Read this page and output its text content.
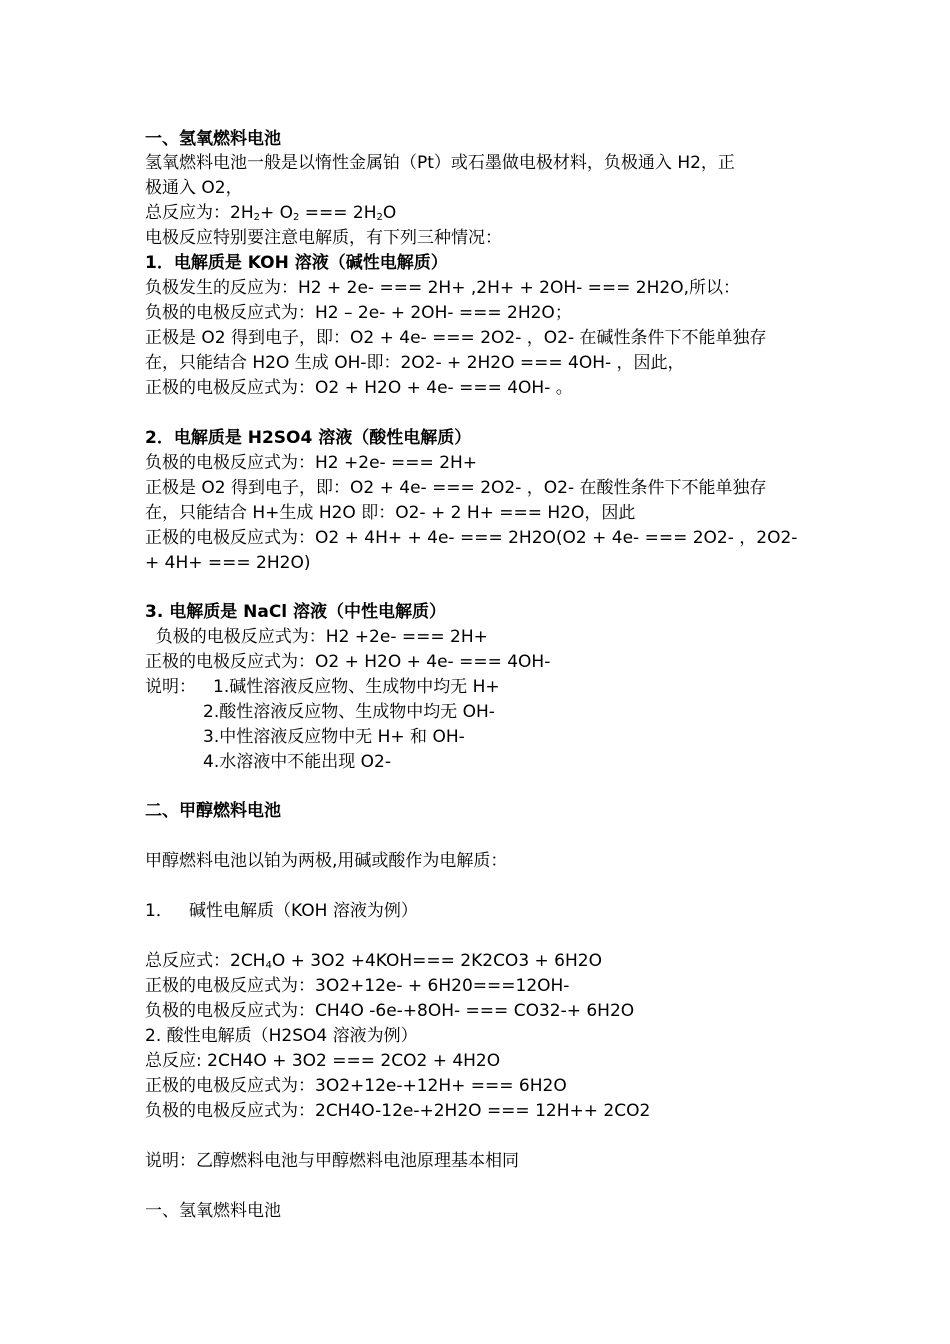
一、氢氧燃料电池
氢氧燃料电池一般是以惰性金属铂（Pt）或石墨做电极材料，负极通入 H2，正
极通入 O2，
总反应为：$2H_2+ O_2$ === $2H_2O$
电极反应特别要注意电解质，有下列三种情况：
1．电解质是 KOH 溶液（碱性电解质）
负极发生的反应为：H2 + 2e- === 2H+ ,2H+ + 2OH- === 2H2O,所以：
负极的电极反应式为：H2 – 2e- + 2OH- === 2H2O；
正极是 O2 得到电子，即：O2 + 4e- === 2O2- ，O2- 在碱性条件下不能单独存
在，只能结合 H2O 生成 OH-即：2O2- + 2H2O === 4OH- ，因此，
正极的电极反应式为：O2 + H2O + 4e- === 4OH- 。
2．电解质是 H2SO4 溶液（酸性电解质）
负极的电极反应式为：H2 +2e- === 2H+
正极是 O2 得到电子，即：O2 + 4e- === 2O2- ，O2- 在酸性条件下不能单独存
在，只能结合 H+生成 H2O 即：O2- + 2 H+ === H2O，因此
正极的电极反应式为：O2 + 4H+ + 4e- === 2H2O(O2 + 4e- === 2O2- ，2O2-
+ 4H+ === 2H2O)
3. 电解质是 NaCl 溶液（中性电解质）
负极的电极反应式为：H2 +2e- === 2H+
正极的电极反应式为：O2 + H2O + 4e- === 4OH-
说明： 1.碱性溶液反应物、生成物中均无 H+
2.酸性溶液反应物、生成物中均无 OH-
3.中性溶液反应物中无 H+ 和 OH-
4.水溶液中不能出现 O2-
二、甲醇燃料电池
甲醇燃料电池以铂为两极,用碱或酸作为电解质：
1．   碱性电解质（KOH 溶液为例）
总反应式：$2CH_4O + 3O2 +4KOH=== 2K2CO3 + 6H2O$
正极的电极反应式为：3O2+12e- + 6H20===12OH-
负极的电极反应式为：CH4O -6e-+8OH- === CO32-+ 6H2O
2. 酸性电解质（H2SO4 溶液为例）
总反应: 2CH4O + 3O2 === 2CO2 + 4H2O
正极的电极反应式为：3O2+12e-+12H+ === 6H2O
负极的电极反应式为：2CH4O-12e-+2H2O === 12H++ 2CO2
说明：乙醇燃料电池与甲醇燃料电池原理基本相同
一、氢氧燃料电池
